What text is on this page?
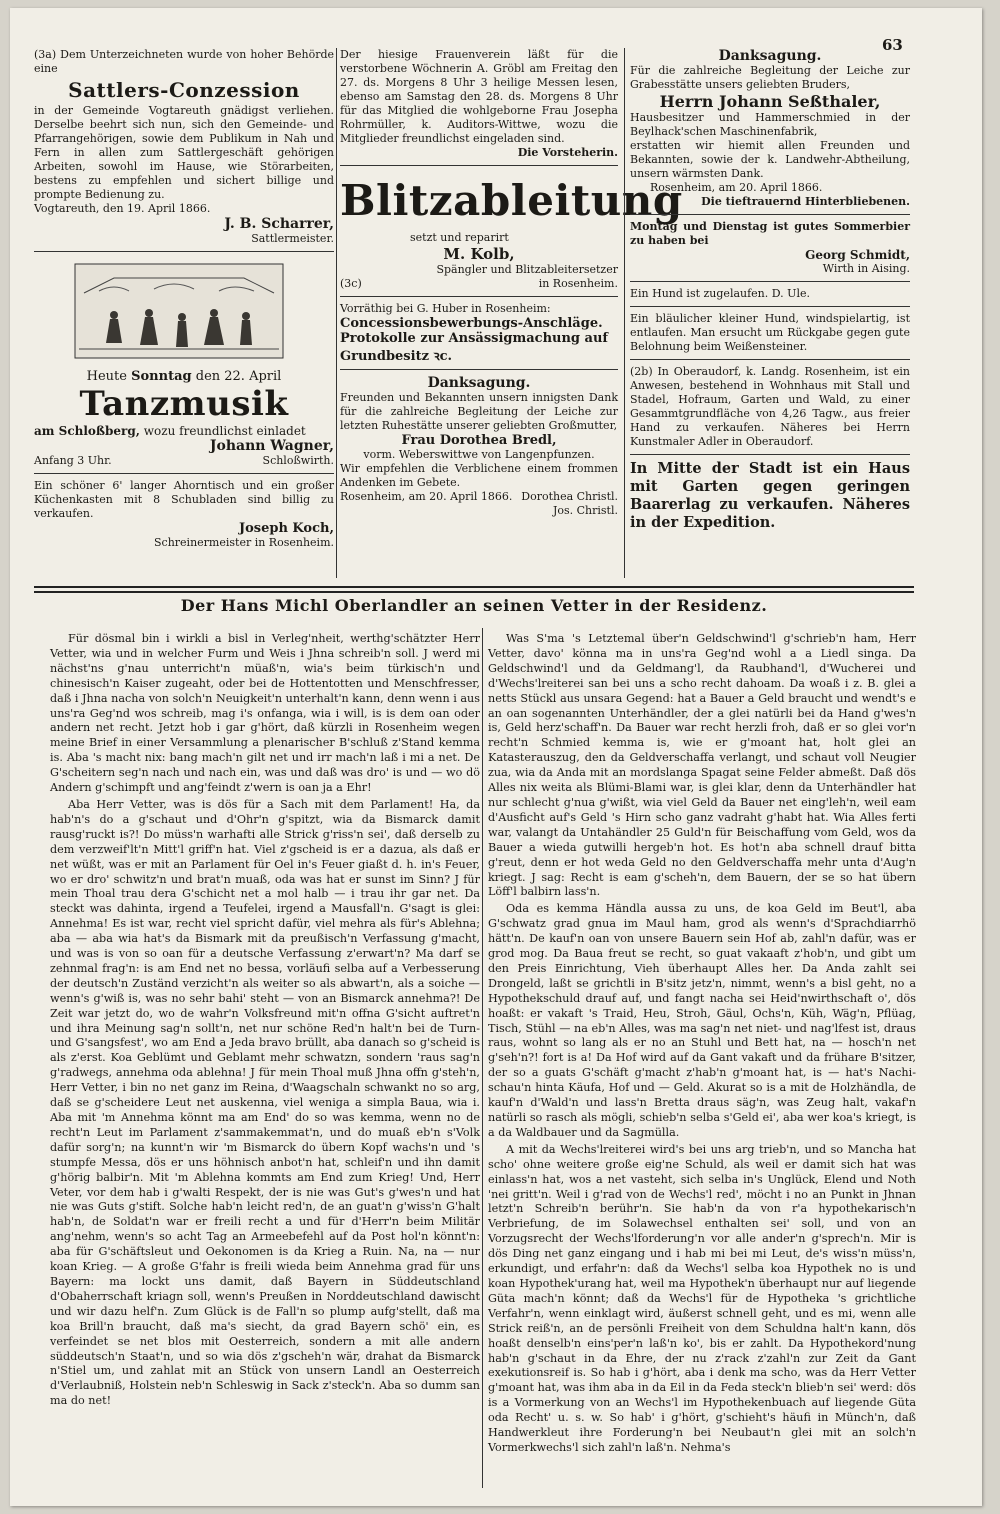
63

(3a) Dem Unterzeichneten wurde von hoher Behörde eine

Sattlers-Conzession

in der Gemeinde Vogtareuth gnädigst verliehen. Derselbe beehrt sich nun, sich den Gemeinde- und Pfarrangehörigen, sowie dem Publikum in Nah und Fern in allen zum Sattlergeschäft gehörigen Arbeiten, sowohl im Hause, wie Störarbeiten, bestens zu empfehlen und sichert billige und prompte Bedienung zu.

Vogtareuth, den 19. April 1866.

J. B. Scharrer,

Sattlermeister.

Heute Sonntag den 22. April

Tanzmusik

am Schloßberg, wozu freundlichst einladet

Johann Wagner,

Anfang 3 Uhr.	Schloßwirth.

Ein schöner 6' langer Ahorntisch und ein großer Küchenkasten mit 8 Schubladen sind billig zu verkaufen.

Joseph Koch,

Schreinermeister in Rosenheim.

Der hiesige Frauenverein läßt für die verstorbene Wöchnerin A. Gröbl am Freitag den 27. ds. Morgens 8 Uhr 3 heilige Messen lesen, ebenso am Samstag den 28. ds. Morgens 8 Uhr für das Mitglied die wohlgeborne Frau Josepha Rohrmüller, k. Auditors-Wittwe, wozu die Mitglieder freundlichst eingeladen sind.

Die Vorsteherin.

Blitzableitung

setzt und reparirt

M. Kolb,

Spängler und Blitzableitersetzer

(3c)	in Rosenheim.

Vorräthig bei G. Huber in Rosenheim:

Concessionsbewerbungs-Anschläge.

Protokolle zur Ansässigmachung auf Grundbesitz ꝛc.

Danksagung.

Freunden und Bekannten unsern innigsten Dank für die zahlreiche Begleitung der Leiche zur letzten Ruhestätte unserer geliebten Großmutter,

Frau Dorothea Bredl,

vorm. Weberswittwe von Langenpfunzen.

Wir empfehlen die Verblichene einem frommen Andenken im Gebete.

Rosenheim, am 20. April 1866. Dorothea Christl.

Jos. Christl.

Danksagung.

Für die zahlreiche Begleitung der Leiche zur Grabesstätte unsers geliebten Bruders,

Herrn Johann Seßthaler,

Hausbesitzer und Hammerschmied in der Beylhack'schen Maschinenfabrik,

erstatten wir hiemit allen Freunden und Bekannten, sowie der k. Landwehr-Abtheilung, unsern wärmsten Dank.

Rosenheim, am 20. April 1866.

Die tieftrauernd Hinterbliebenen.

Montag und Dienstag ist gutes Sommerbier zu haben bei

Georg Schmidt,

Wirth in Aising.

Ein Hund ist zugelaufen. D. Ule.

Ein bläulicher kleiner Hund, windspielartig, ist entlaufen. Man ersucht um Rückgabe gegen gute Belohnung beim Weißensteiner.

(2b) In Oberaudorf, k. Landg. Rosenheim, ist ein Anwesen, bestehend in Wohnhaus mit Stall und Stadel, Hofraum, Garten und Wald, zu einer Gesammtgrundfläche von 4,26 Tagw., aus freier Hand zu verkaufen. Näheres bei Herrn Kunstmaler Adler in Oberaudorf.

In Mitte der Stadt ist ein Haus mit Garten gegen geringen Baarerlag zu verkaufen. Näheres in der Expedition.

Der Hans Michl Oberlandler an seinen Vetter in der Residenz.

Für dösmal bin i wirkli a bisl in Verleg'nheit, werthg'schätzter Herr Vetter, wia und in welcher Furm und Weis i Jhna schreib'n soll. J werd mi nächst'ns g'nau unterricht'n müaß'n, wia's beim türkisch'n und chinesisch'n Kaiser zugeaht, oder bei de Hottentotten und Menschfresser, daß i Jhna nacha von solch'n Neuigkeit'n unterhalt'n kann, denn wenn i aus uns'ra Geg'nd wos schreib, mag i's onfanga, wia i will, is is dem oan oder andern net recht. Jetzt hob i gar g'hört, daß kürzli in Rosenheim wegen meine Brief in einer Versammlung a plenarischer B'schluß z'Stand kemma is. Aba 's macht nix: bang mach'n gilt net und irr mach'n laß i mi a net. De G'scheitern seg'n nach und nach ein, was und daß was dro' is und — wo dö Andern g'schimpft und ang'feindt z'wern is oan ja a Ehr!

Aba Herr Vetter, was is dös für a Sach mit dem Parlament! Ha, da hab'n's do a g'schaut und d'Ohr'n g'spitzt, wia da Bismarck damit rausg'ruckt is?! Do müss'n warhafti alle Strick g'riss'n sei', daß derselb zu dem verzweif'lt'n Mitt'l griff'n hat. Viel z'gscheid is er a dazua, als daß er net wüßt, was er mit an Parlament für Oel in's Feuer giaßt d. h. in's Feuer, wo er dro' schwitz'n und brat'n muaß, oda was hat er sunst im Sinn? J für mein Thoal trau dera G'schicht net a mol halb — i trau ihr gar net. Da steckt was dahinta, irgend a Teufelei, irgend a Mausfall'n. G'sagt is glei: Annehma! Es ist war, recht viel spricht dafür, viel mehra als für's Ablehna; aba — aba wia hat's da Bismark mit da preußisch'n Verfassung g'macht, und was is von so oan für a deutsche Verfassung z'erwart'n? Ma darf se zehnmal frag'n: is am End net no bessa, vorläufi selba auf a Verbesserung der deutsch'n Zuständ verzicht'n als weiter so als abwart'n, als a soiche — wenn's g'wiß is, was no sehr bahi' steht — von an Bismarck annehma?! De Zeit war jetzt do, wo de wahr'n Volksfreund mit'n offna G'sicht auftret'n und ihra Meinung sag'n sollt'n, net nur schöne Red'n halt'n bei de Turn- und G'sangsfest', wo am End a Jeda bravo brüllt, aba danach so g'scheid is als z'erst. Koa Geblümt und Geblamt mehr schwatzn, sondern 'raus sag'n g'radwegs, annehma oda ablehna! J für mein Thoal muß Jhna offn g'steh'n, Herr Vetter, i bin no net ganz im Reina, d'Waagschaln schwankt no so arg, daß se g'scheidere Leut net auskenna, viel weniga a simpla Baua, wia i. Aba mit 'm Annehma könnt ma am End' do so was kemma, wenn no de recht'n Leut im Parlament z'sammakemmat'n, und do muaß eb'n s'Volk dafür sorg'n; na kunnt'n wir 'm Bismarck do übern Kopf wachs'n und 's stumpfe Messa, dös er uns höhnisch anbot'n hat, schleif'n und ihn damit g'hörig balbir'n. Mit 'm Ablehna kommts am End zum Krieg! Und, Herr Veter, vor dem hab i g'walti Respekt, der is nie was Gut's g'wes'n und hat nie was Guts g'stift. Solche hab'n leicht red'n, de an guat'n g'wiss'n G'halt hab'n, de Soldat'n war er freili recht a und für d'Herr'n beim Militär ang'nehm, wenn's so acht Tag an Armeebefehl auf da Post hol'n könnt'n: aba für G'schäftsleut und Oekonomen is da Krieg a Ruin. Na, na — nur koan Krieg. — A große G'fahr is freili wieda beim Annehma grad für uns Bayern: ma lockt uns damit, daß Bayern in Süddeutschland d'Obaherrschaft kriagn soll, wenn's Preußen in Norddeutschland dawischt und wir dazu helf'n. Zum Glück is de Fall'n so plump aufg'stellt, daß ma koa Brill'n braucht, daß ma's siecht, da grad Bayern schö' ein, es verfeindet se net blos mit Oesterreich, sondern a mit alle andern süddeutsch'n Staat'n, und so wia dös z'gscheh'n wär, drahat da Bismarck n'Stiel um, und zahlat mit an Stück von unsern Landl an Oesterreich d'Verlaubniß, Holstein neb'n Schleswig in Sack z'steck'n. Aba so dumm san ma do net!

Was S'ma 's Letztemal über'n Geldschwind'l g'schrieb'n ham, Herr Vetter, davo' könna ma in uns'ra Geg'nd wohl a a Liedl singa. Da Geldschwind'l und da Geldmang'l, da Raubhand'l, d'Wucherei und d'Wechs'lreiterei san bei uns a scho recht dahoam. Da woaß i z. B. glei a netts Stückl aus unsara Gegend: hat a Bauer a Geld braucht und wendt's e an oan sogenannten Unterhändler, der a glei natürli bei da Hand g'wes'n is, Geld herz'schaff'n. Da Bauer war recht herzli froh, daß er so glei vor'n recht'n Schmied kemma is, wie er g'moant hat, holt glei an Katasterauszug, den da Geldverschaffa verlangt, und schaut voll Neugier zua, wia da Anda mit an mordslanga Spagat seine Felder abmeßt. Daß dös Alles nix weita als Blümi-Blami war, is glei klar, denn da Unterhändler hat nur schlecht g'nua g'wißt, wia viel Geld da Bauer net eing'leh'n, weil eam d'Ausficht auf's Geld 's Hirn scho ganz vadraht g'habt hat. Wia Alles ferti war, valangt da Untahändler 25 Guld'n für Beischaffung vom Geld, wos da Bauer a wieda gutwilli hergeb'n hot. Es hot'n aba schnell drauf bitta g'reut, denn er hot weda Geld no den Geldverschaffa mehr unta d'Aug'n kriegt. J sag: Recht is eam g'scheh'n, dem Bauern, der se so hat übern Löff'l balbirn lass'n.

Oda es kemma Händla aussa zu uns, de koa Geld im Beut'l, aba G'schwatz grad gnua im Maul ham, grod als wenn's d'Sprachdiarrhö hätt'n. De kauf'n oan von unsere Bauern sein Hof ab, zahl'n dafür, was er grod mog. Da Baua freut se recht, so guat vakaaft z'hob'n, und gibt um den Preis Einrichtung, Vieh überhaupt Alles her. Da Anda zahlt sei Drongeld, laßt se grichtli in B'sitz jetz'n, nimmt, wenn's a bisl geht, no a Hypothekschuld drauf auf, und fangt nacha sei Heid'nwirthschaft o', dös hoaßt: er vakaft 's Traid, Heu, Stroh, Gäul, Ochs'n, Küh, Wäg'n, Pflüag, Tisch, Stühl — na eb'n Alles, was ma sag'n net niet- und nag'lfest ist, draus raus, wohnt so lang als er no an Stuhl und Bett hat, na — hosch'n net g'seh'n?! fort is a! Da Hof wird auf da Gant vakaft und da frühare B'sitzer, der so a guats G'schäft g'macht z'hab'n g'moant hat, is — hat's Nachi- schau'n hinta Käufa, Hof und — Geld. Akurat so is a mit de Holzhändla, de kauf'n d'Wald'n und lass'n Bretta draus säg'n, was Zeug halt, vakaf'n natürli so rasch als mögli, schieb'n selba s'Geld ei', aba wer koa's kriegt, is a da Waldbauer und da Sagmülla.

A mit da Wechs'lreiterei wird's bei uns arg trieb'n, und so Mancha hat scho' ohne weitere große eig'ne Schuld, als weil er damit sich hat was einlass'n hat, wos a net vasteht, sich selba in's Unglück, Elend und Noth 'nei gritt'n. Weil i g'rad von de Wechs'l red', möcht i no an Punkt in Jhnan letzt'n Schreib'n berühr'n. Sie hab'n da von r'a hypothekarisch'n Verbriefung, de im Solawechsel enthalten sei' soll, und von an Vorzugsrecht der Wechs'lforderung'n vor alle ander'n g'sprech'n. Mir is dös Ding net ganz eingang und i hab mi bei mi Leut, de's wiss'n müss'n, erkundigt, und erfahr'n: daß da Wechs'l selba koa Hypothek no is und koan Hypothek'urang hat, weil ma Hypothek'n überhaupt nur auf liegende Güta mach'n könnt; daß da Wechs'l für de Hypotheka 's grichtliche Verfahr'n, wenn einklagt wird, äußerst schnell geht, und es mi, wenn alle Strick reiß'n, an de persönli Freiheit von dem Schuldna halt'n kann, dös hoaßt denselb'n eins'per'n laß'n ko', bis er zahlt. Da Hypothekord'nung hab'n g'schaut in da Ehre, der nu z'rack z'zahl'n zur Zeit da Gant exekutionsreif is. So hab i g'hört, aba i denk ma scho, was da Herr Vetter g'moant hat, was ihm aba in da Eil in da Feda steck'n blieb'n sei' werd: dös is a Vormerkung von an Wechs'l im Hypothekenbuach auf liegende Güta oda Recht' u. s. w. So hab' i g'hört, g'schieht's häufi in Münch'n, daß Handwerkleut ihre Forderung'n bei Neubaut'n glei mit an solch'n Vormerkwechs'l sich zahl'n laß'n. Nehma's
